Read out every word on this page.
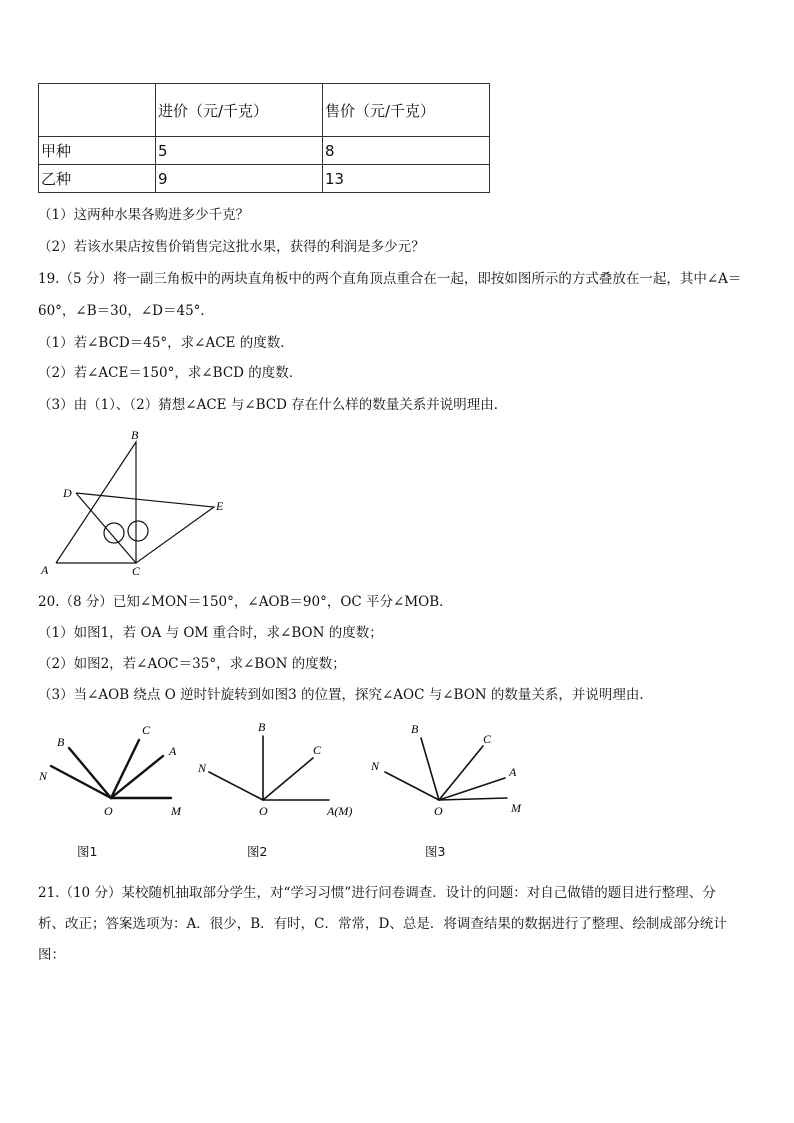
	进价（元/千克）	售价（元/千克）
甲种	5	8
乙种	9	13
（1）这两种水果各购进多少千克？
（2）若该水果店按售价销售完这批水果，获得的利润是多少元？
19.（5 分）将一副三角板中的两块直角板中的两个直角顶点重合在一起，即按如图所示的方式叠放在一起，其中∠A＝
60°，∠B＝30，∠D＝45°．
（1）若∠BCD＝45°，求∠ACE 的度数．
（2）若∠ACE＝150°，求∠BCD 的度数．
（3）由（1）、（2）猜想∠ACE 与∠BCD 存在什么样的数量关系并说明理由．
B
D
E
A	C
20.（8 分）已知∠MON＝150°，∠AOB＝90°，OC 平分∠MOB．
（1）如图1，若 OA 与 OM 重合时，求∠BON 的度数；
（2）如图2，若∠AOC＝35°，求∠BON 的度数；
（3）当∠AOB 绕点 O 逆时针旋转到如图3 的位置，探究∠AOC 与∠BON 的数量关系，并说明理由．
B
C
A
N
O	M
B
C
N
O	A(M)
B
C
A
N
O	M
图1	图2	图3
21.（10 分）某校随机抽取部分学生，对“学习习惯”进行问卷调查．设计的问题：对自己做错的题目进行整理、分
析、改正；答案选项为：A．很少，B．有时，C．常常，D、总是．将调查结果的数据进行了整理、绘制成部分统计
图：
